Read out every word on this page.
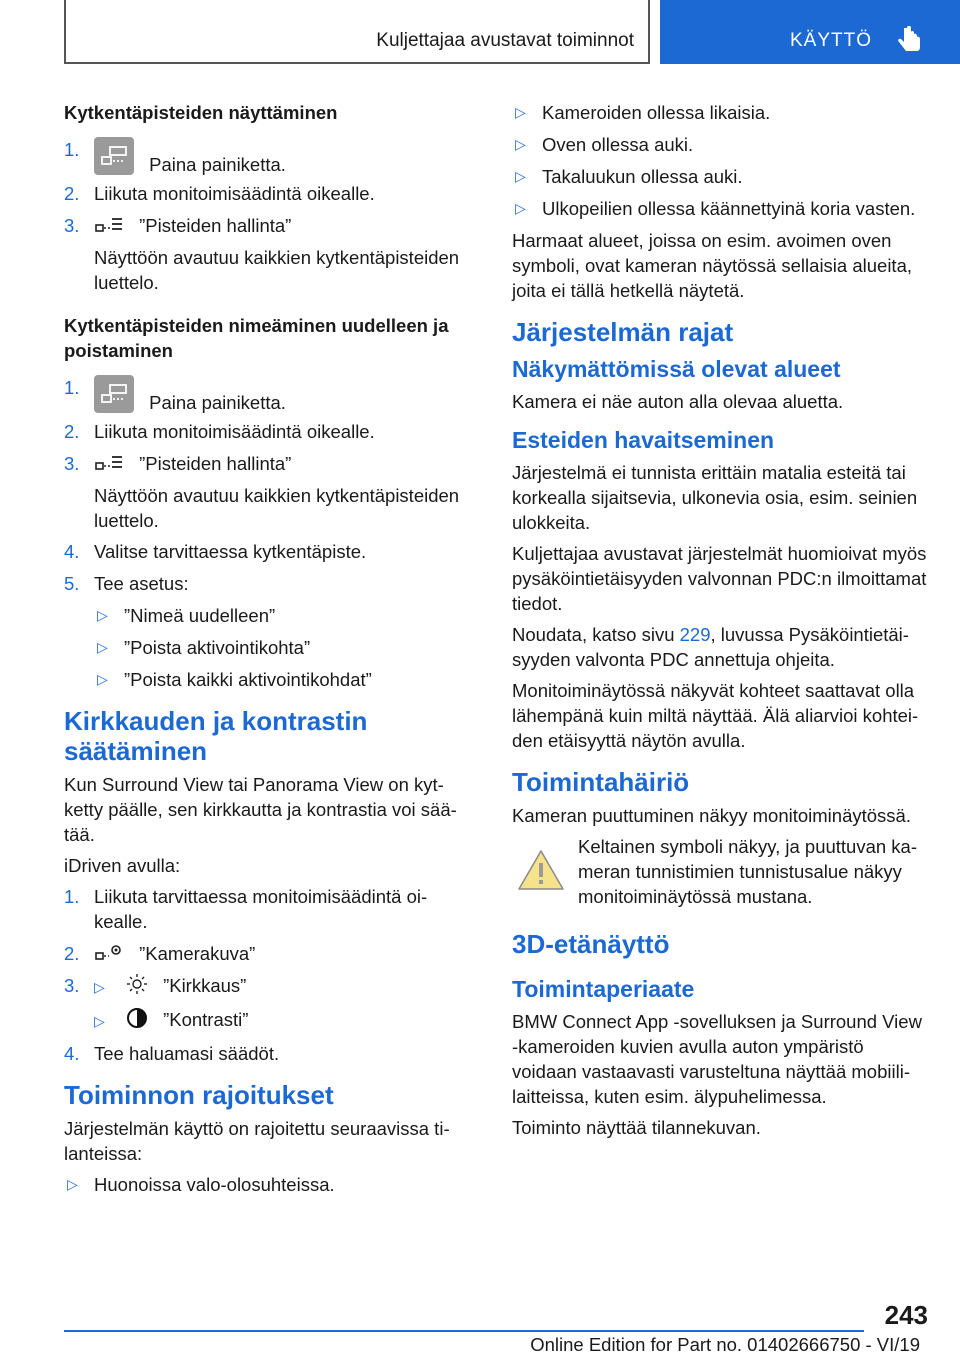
Kuljettajaa avustavat toiminnot	KÄYTTÖ
Kytkentäpisteiden näyttäminen
1.
Paina painiketta.
2. Liikuta monitoimisäädintä oikealle.
3.	”Pisteiden hallinta”
Näyttöön avautuu kaikkien kytkentäpisteiden luettelo.
Kytkentäpisteiden nimeäminen uudelleen ja poistaminen
1.
Paina painiketta.
2. Liikuta monitoimisäädintä oikealle.
3.	”Pisteiden hallinta”
Näyttöön avautuu kaikkien kytkentäpisteiden luettelo.
4. Valitse tarvittaessa kytkentäpiste.
5. Tee asetus:
▷ ”Nimeä uudelleen”
▷ ”Poista aktivointikohta”
▷ ”Poista kaikki aktivointikohdat”
Kirkkauden ja kontrastin säätäminen
Kun Surround View tai Panorama View on kytketty päälle, sen kirkkautta ja kontrastia voi säätää.
iDriven avulla:
1. Liikuta tarvittaessa monitoimisäädintä oikealle.
2.	”Kamerakuva”
3. ▷	”Kirkkaus”
▷	”Kontrasti”
4. Tee haluamasi säädöt.
Toiminnon rajoitukset
Järjestelmän käyttö on rajoitettu seuraavissa tilanteissa:
▷ Huonoissa valo-olosuhteissa.
▷ Kameroiden ollessa likaisia.
▷ Oven ollessa auki.
▷ Takaluukun ollessa auki.
▷ Ulkopeilien ollessa käännettyinä koria vasten.
Harmaat alueet, joissa on esim. avoimen oven symboli, ovat kameran näytössä sellaisia alueita, joita ei tällä hetkellä näytetä.
Järjestelmän rajat
Näkymättömissä olevat alueet
Kamera ei näe auton alla olevaa aluetta.
Esteiden havaitseminen
Järjestelmä ei tunnista erittäin matalia esteitä tai korkealla sijaitsevia, ulkonevia osia, esim. seinien ulokkeita.
Kuljettajaa avustavat järjestelmät huomioivat myös pysäköintietäisyyden valvonnan PDC:n ilmoittamat tiedot.
Noudata, katso sivu 229, luvussa Pysäköintietäisyyden valvonta PDC annettuja ohjeita.
Monitoiminäytössä näkyvät kohteet saattavat olla lähempänä kuin miltä näyttää. Älä aliarvioi kohteiden etäisyyttä näytön avulla.
Toimintahäiriö
Kameran puuttuminen näkyy monitoiminäytössä.
Keltainen symboli näkyy, ja puuttuvan kameran tunnistimien tunnistusalue näkyy monitoiminäytössä mustana.
3D-etänäyttö
Toimintaperiaate
BMW Connect App -sovelluksen ja Surround View -kameroiden kuvien avulla auton ympäristö voidaan vastaavasti varusteltuna näyttää mobiililaitteissa, kuten esim. älypuhelimessa.
Toiminto näyttää tilannekuvan.
243
Online Edition for Part no. 01402666750 - VI/19
